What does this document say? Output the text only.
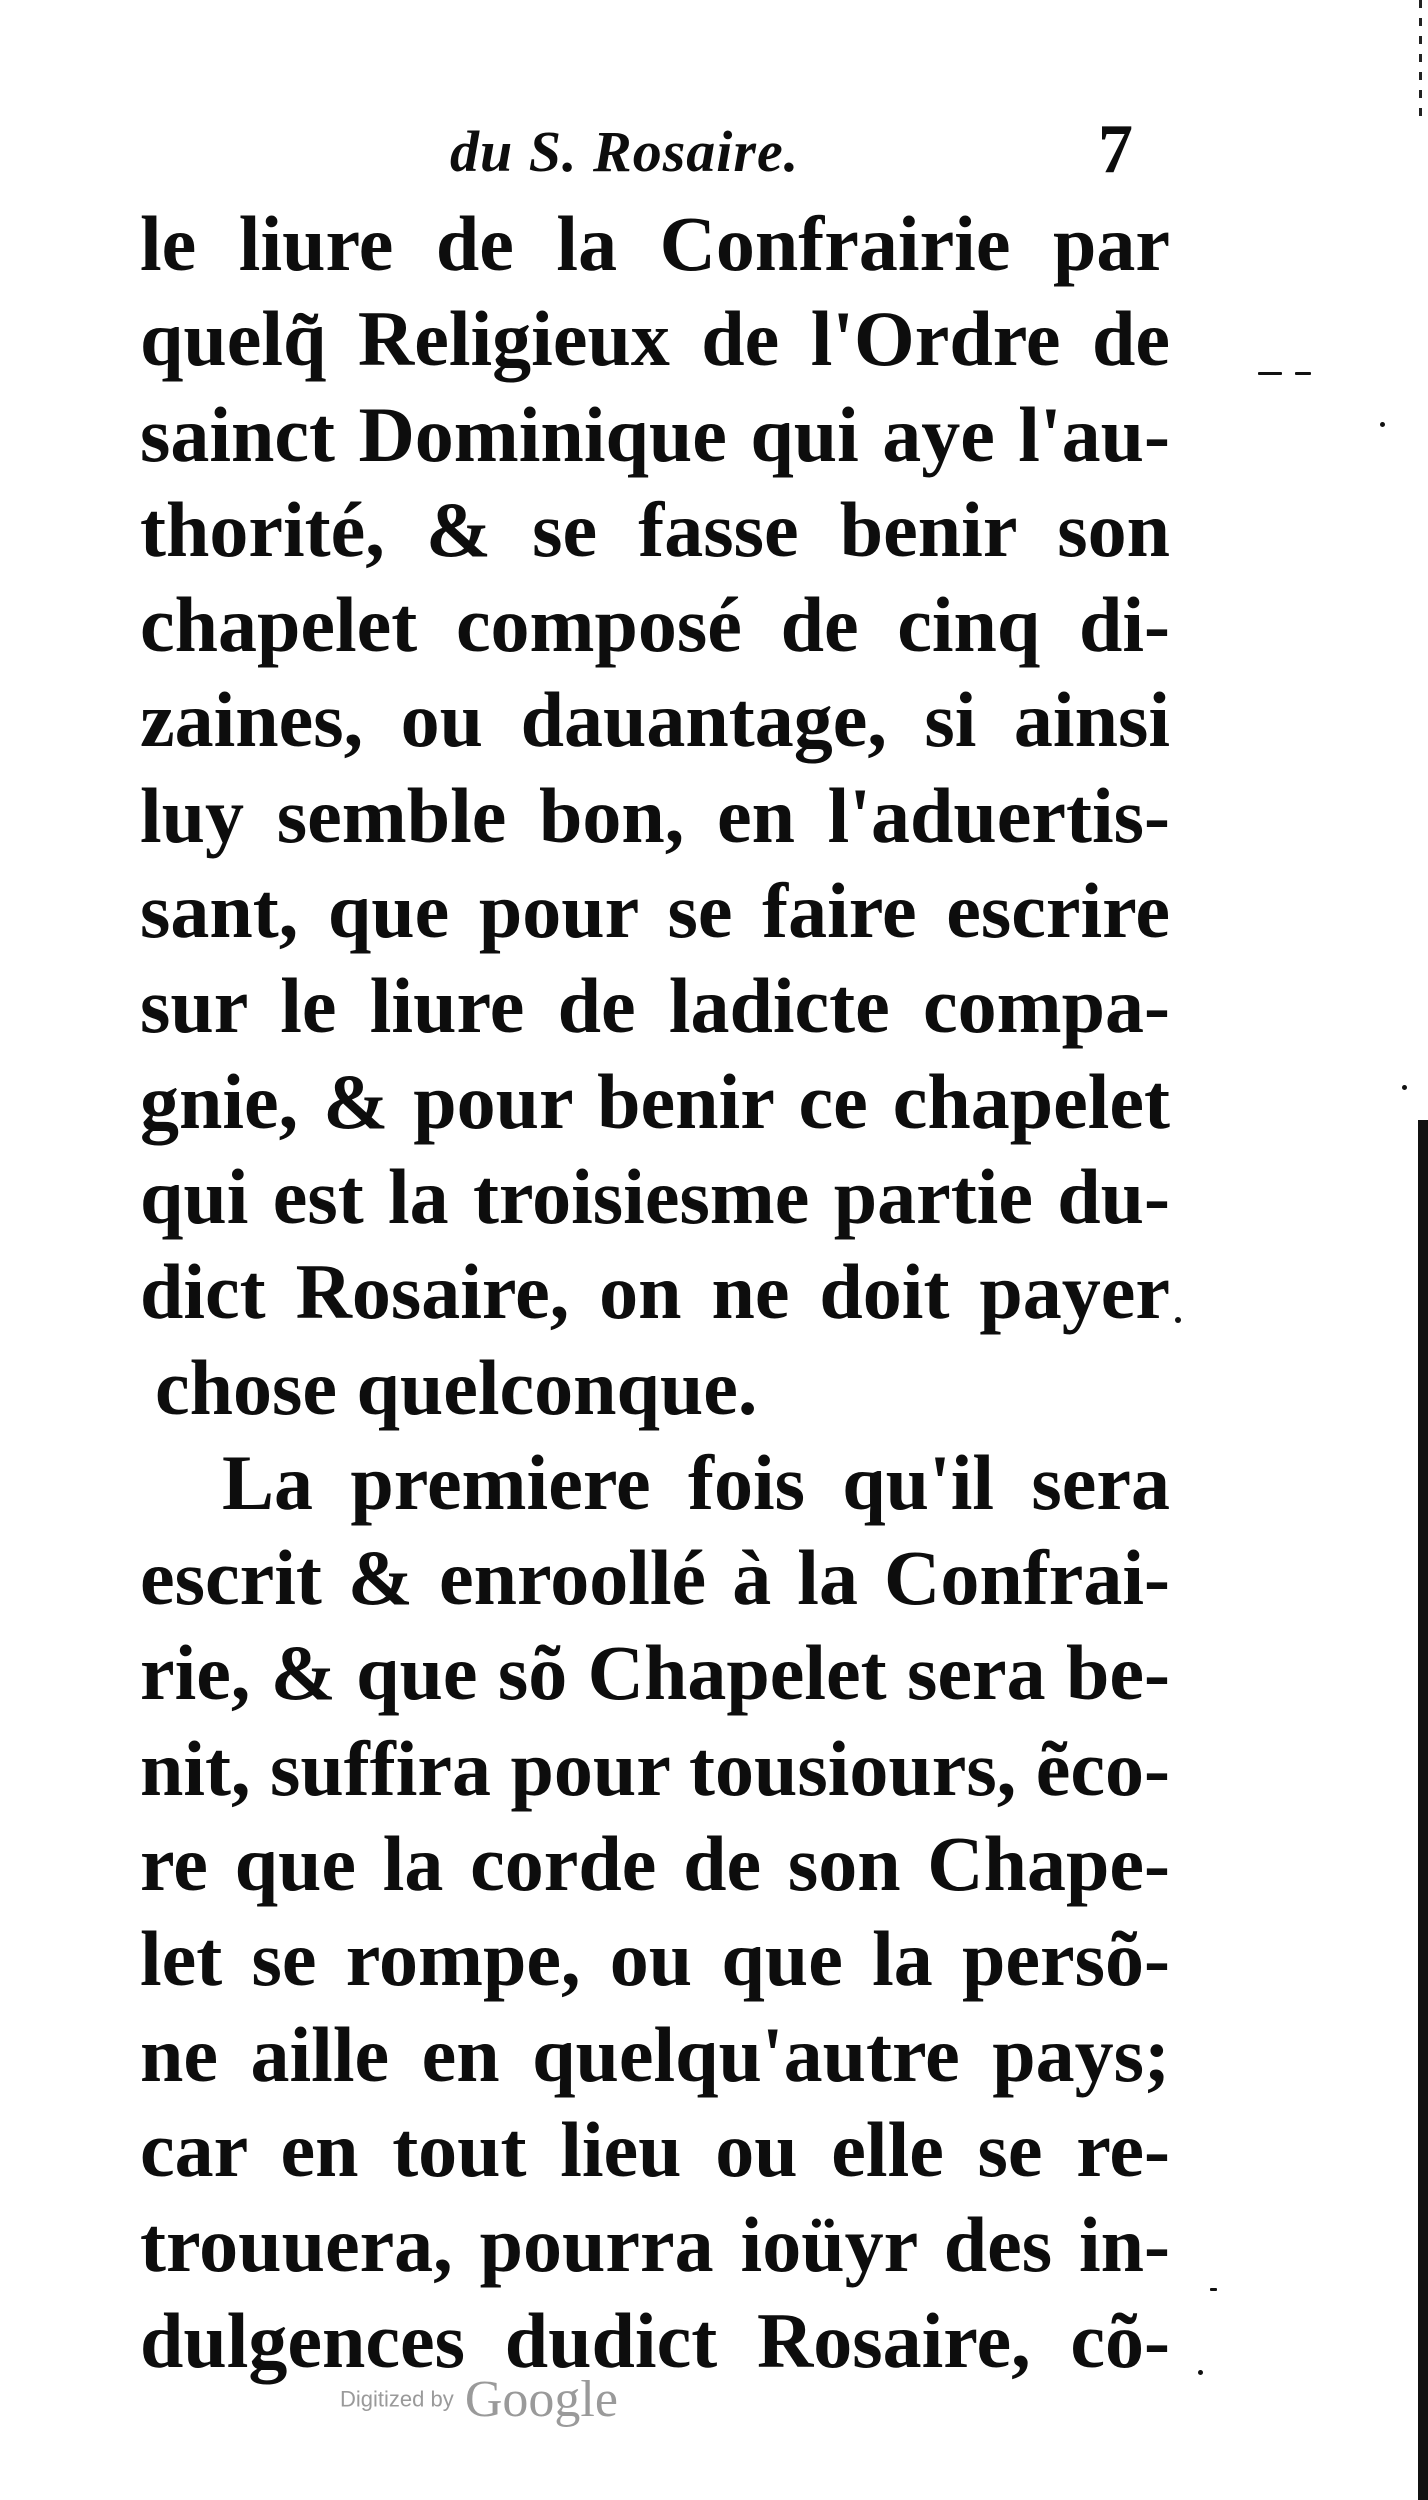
du S. Rosaire.	7
le liure de la Confrairie par
quelq̃ Religieux de l'Ordre de
sainct Dominique qui aye l'au-
thorité, & se fasse benir son
chapelet composé de cinq di-
zaines, ou dauantage, si ainsi
luy semble bon, en l'aduertis-
sant, que pour se faire escrire
sur le liure de ladicte compa-
gnie, & pour benir ce chapelet
qui est la troisiesme partie du-
dict Rosaire, on ne doit payer
chose quelconque.
La premiere fois qu'il sera
escrit & enroollé à la Confrai-
rie, & que sõ Chapelet sera be-
nit, suffira pour tousiours, ẽco-
re que la corde de son Chape-
let se rompe, ou que la persõ-
ne aille en quelqu'autre pays;
car en tout lieu ou elle se re-
trouuera, pourra ioüyr des in-
dulgences dudict Rosaire, cõ-
Digitized by Google
